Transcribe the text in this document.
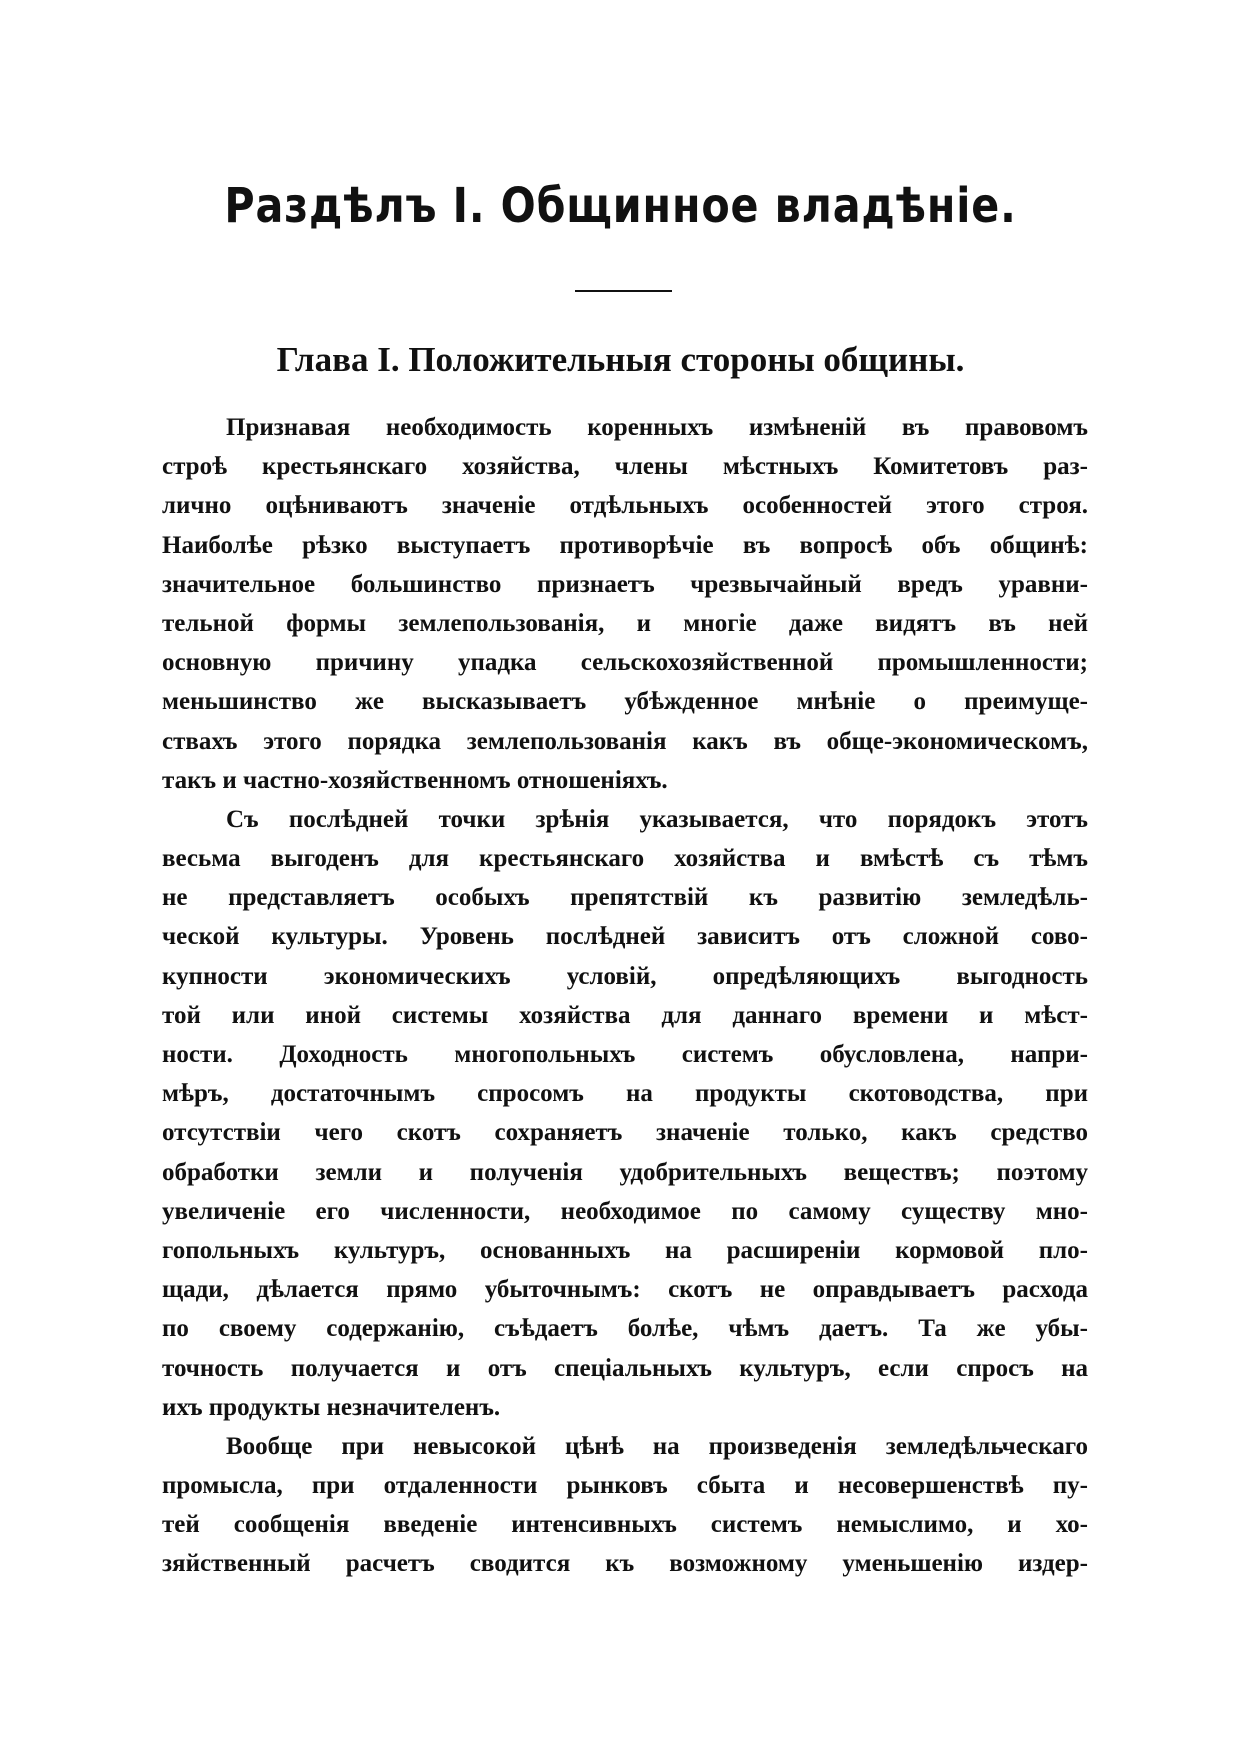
Раздѣлъ I. Общинное владѣніе.
Глава I. Положительныя стороны общины.
Признавая необходимость коренныхъ измѣненій въ правовомъ
строѣ крестьянскаго хозяйства, члены мѣстныхъ Комитетовъ раз-
лично оцѣниваютъ значеніе отдѣльныхъ особенностей этого строя.
Наиболѣе рѣзко выступаетъ противорѣчіе въ вопросѣ объ общинѣ:
значительное большинство признаетъ чрезвычайный вредъ уравни-
тельной формы землепользованія, и многіе даже видятъ въ ней
основную причину упадка сельскохозяйственной промышленности;
меньшинство же высказываетъ убѣжденное мнѣніе о преимуще-
ствахъ этого порядка землепользованія какъ въ обще-экономическомъ,
такъ и частно-хозяйственномъ отношеніяхъ.
Съ послѣдней точки зрѣнія указывается, что порядокъ этотъ
весьма выгоденъ для крестьянскаго хозяйства и вмѣстѣ съ тѣмъ
не представляетъ особыхъ препятствій къ развитію земледѣль-
ческой культуры. Уровень послѣдней зависитъ отъ сложной сово-
купности экономическихъ условій, опредѣляющихъ выгодность
той или иной системы хозяйства для даннаго времени и мѣст-
ности. Доходность многопольныхъ системъ обусловлена, напри-
мѣръ, достаточнымъ спросомъ на продукты скотоводства, при
отсутствіи чего скотъ сохраняетъ значеніе только, какъ средство
обработки земли и полученія удобрительныхъ веществъ; поэтому
увеличеніе его численности, необходимое по самому существу мно-
гопольныхъ культуръ, основанныхъ на расширеніи кормовой пло-
щади, дѣлается прямо убыточнымъ: скотъ не оправдываетъ расхода
по своему содержанію, съѣдаетъ болѣе, чѣмъ даетъ. Та же убы-
точность получается и отъ спеціальныхъ культуръ, если спросъ на
ихъ продукты незначителенъ.
Вообще при невысокой цѣнѣ на произведенія земледѣльческаго
промысла, при отдаленности рынковъ сбыта и несовершенствѣ пу-
тей сообщенія введеніе интенсивныхъ системъ немыслимо, и хо-
зяйственный расчетъ сводится къ возможному уменьшенію издер-
